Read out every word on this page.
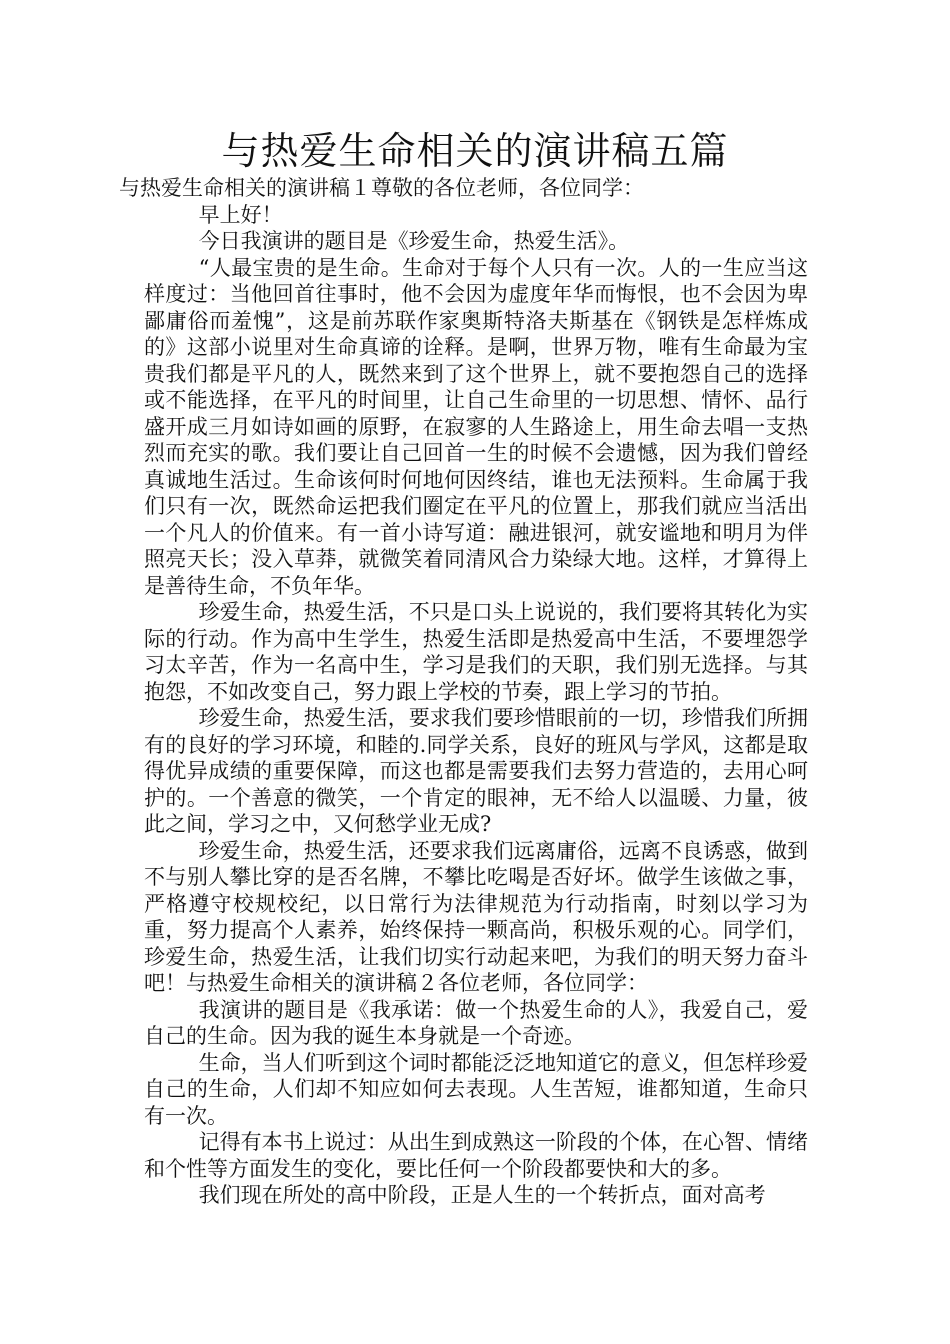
与热爱生命相关的演讲稿五篇

与热爱生命相关的演讲稿１尊敬的各位老师，各位同学：

早上好！

今日我演讲的题目是《珍爱生命，热爱生活》。

“人最宝贵的是生命。生命对于每个人只有一次。人的一生应当这样度过：当他回首往事时，他不会因为虚度年华而悔恨，也不会因为卑鄙庸俗而羞愧”，这是前苏联作家奥斯特洛夫斯基在《钢铁是怎样炼成的》这部小说里对生命真谛的诠释。是啊，世界万物，唯有生命最为宝贵我们都是平凡的人，既然来到了这个世界上，就不要抱怨自己的选择或不能选择，在平凡的时间里，让自己生命里的一切思想、情怀、品行盛开成三月如诗如画的原野，在寂寥的人生路途上，用生命去唱一支热烈而充实的歌。我们要让自己回首一生的时候不会遗憾，因为我们曾经真诚地生活过。生命该何时何地何因终结，谁也无法预料。生命属于我们只有一次，既然命运把我们圈定在平凡的位置上，那我们就应当活出一个凡人的价值来。有一首小诗写道：融进银河，就安谧地和明月为伴照亮天长；没入草莽，就微笑着同清风合力染绿大地。这样，才算得上是善待生命，不负年华。

珍爱生命，热爱生活，不只是口头上说说的，我们要将其转化为实际的行动。作为高中生学生，热爱生活即是热爱高中生活，不要埋怨学习太辛苦，作为一名高中生，学习是我们的天职，我们别无选择。与其抱怨，不如改变自己，努力跟上学校的节奏，跟上学习的节拍。

珍爱生命，热爱生活，要求我们要珍惜眼前的一切，珍惜我们所拥有的良好的学习环境，和睦的.同学关系，良好的班风与学风，这都是取得优异成绩的重要保障，而这也都是需要我们去努力营造的，去用心呵护的。一个善意的微笑，一个肯定的眼神，无不给人以温暖、力量，彼此之间，学习之中，又何愁学业无成?

珍爱生命，热爱生活，还要求我们远离庸俗，远离不良诱惑，做到不与别人攀比穿的是否名牌，不攀比吃喝是否好坏。做学生该做之事，严格遵守校规校纪，以日常行为法律规范为行动指南，时刻以学习为重，努力提高个人素养，始终保持一颗高尚，积极乐观的心。同学们，珍爱生命，热爱生活，让我们切实行动起来吧，为我们的明天努力奋斗吧！与热爱生命相关的演讲稿２各位老师，各位同学：

我演讲的题目是《我承诺：做一个热爱生命的人》，我爱自己，爱自己的生命。因为我的诞生本身就是一个奇迹。

生命，当人们听到这个词时都能泛泛地知道它的意义，但怎样珍爱自己的生命，人们却不知应如何去表现。人生苦短，谁都知道，生命只有一次。

记得有本书上说过：从出生到成熟这一阶段的个体，在心智、情绪和个性等方面发生的变化，要比任何一个阶段都要快和大的多。

我们现在所处的高中阶段，正是人生的一个转折点，面对高考
